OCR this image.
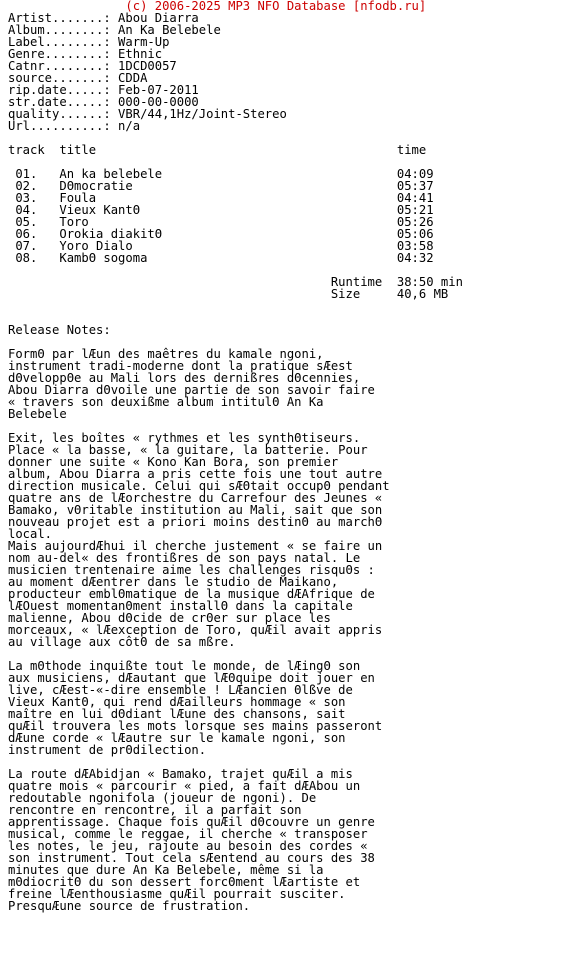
(c) 2006-2025 MP3 NFO Database [nfodb.ru]
Artist.......: Abou Diarra
Album........: An Ka Belebele
Label........: Warm-Up
Genre........: Ethnic
Catnr........: 1DCD0057
source.......: CDDA
rip.date.....: Feb-07-2011
str.date.....: 000-00-0000
quality......: VBR/44,1Hz/Joint-Stereo
Url..........: n/a

track  title                                         time

01.   An ka belebele                                04:09
02.   DΘmocratie                                    05:37
03.   Foula                                         04:41
04.   Vieux KantΘ                                   05:21
05.   Toro                                          05:26
06.   Orokia diakitΘ                                05:06
07.   Yoro Dialo                                    03:58
08.   KambΘ sogoma                                  04:32

Runtime  38:50 min
Size     40,6 MB

Release Notes:

FormΘ par lÆun des maêtres du kamale ngoni,
instrument tradi-moderne dont la pratique sÆest
dΘveloppΘe au Mali lors des dernißres dΘcennies,
Abou Diarra dΘvoile une partie de son savoir faire
« travers son deuxißme album intitulΘ An Ka
Belebele

Exit, les boîtes « rythmes et les synthΘtiseurs.
Place « la basse, « la guitare, la batterie. Pour
donner une suite « Kono Kan Bora, son premier
album, Abou Diarra a pris cette fois une tout autre
direction musicale. Celui qui sÆΘtait occupΘ pendant
quatre ans de lÆorchestre du Carrefour des Jeunes «
Bamako, vΘritable institution au Mali, sait que son
nouveau projet est a priori moins destinΘ au marchΘ
local.
Mais aujourdÆhui il cherche justement « se faire un
nom au-del« des frontißres de son pays natal. Le
musicien trentenaire aime les challenges risquΘs :
au moment dÆentrer dans le studio de Maikano,
producteur emblΘmatique de la musique dÆAfrique de
lÆOuest momentanΘment installΘ dans la capitale
malienne, Abou dΘcide de crΘer sur place les
morceaux, « lÆexception de Toro, quÆil avait appris
au village aux côtΘ de sa mßre.

La mΘthode inquißte tout le monde, de lÆingΘ son
aux musiciens, dÆautant que lÆΘquipe doit jouer en
live, cÆest-«-dire ensemble ! LÆancien Θlßve de
Vieux KantΘ, qui rend dÆailleurs hommage « son
maître en lui dΘdiant lÆune des chansons, sait
quÆil trouvera les mots lorsque ses mains passeront
dÆune corde « lÆautre sur le kamale ngoni, son
instrument de prΘdilection.

La route dÆAbidjan « Bamako, trajet quÆil a mis
quatre mois « parcourir « pied, a fait dÆAbou un
redoutable ngonifola (joueur de ngoni). De
rencontre en rencontre, il a parfait son
apprentissage. Chaque fois quÆil dΘcouvre un genre
musical, comme le reggae, il cherche « transposer
les notes, le jeu, rajoute au besoin des cordes «
son instrument. Tout cela sÆentend au cours des 38
minutes que dure An Ka Belebele, même si la
mΘdiocritΘ du son dessert forcΘment lÆartiste et
freine lÆenthousiasme quÆil pourrait susciter.
PresquÆune source de frustration.
